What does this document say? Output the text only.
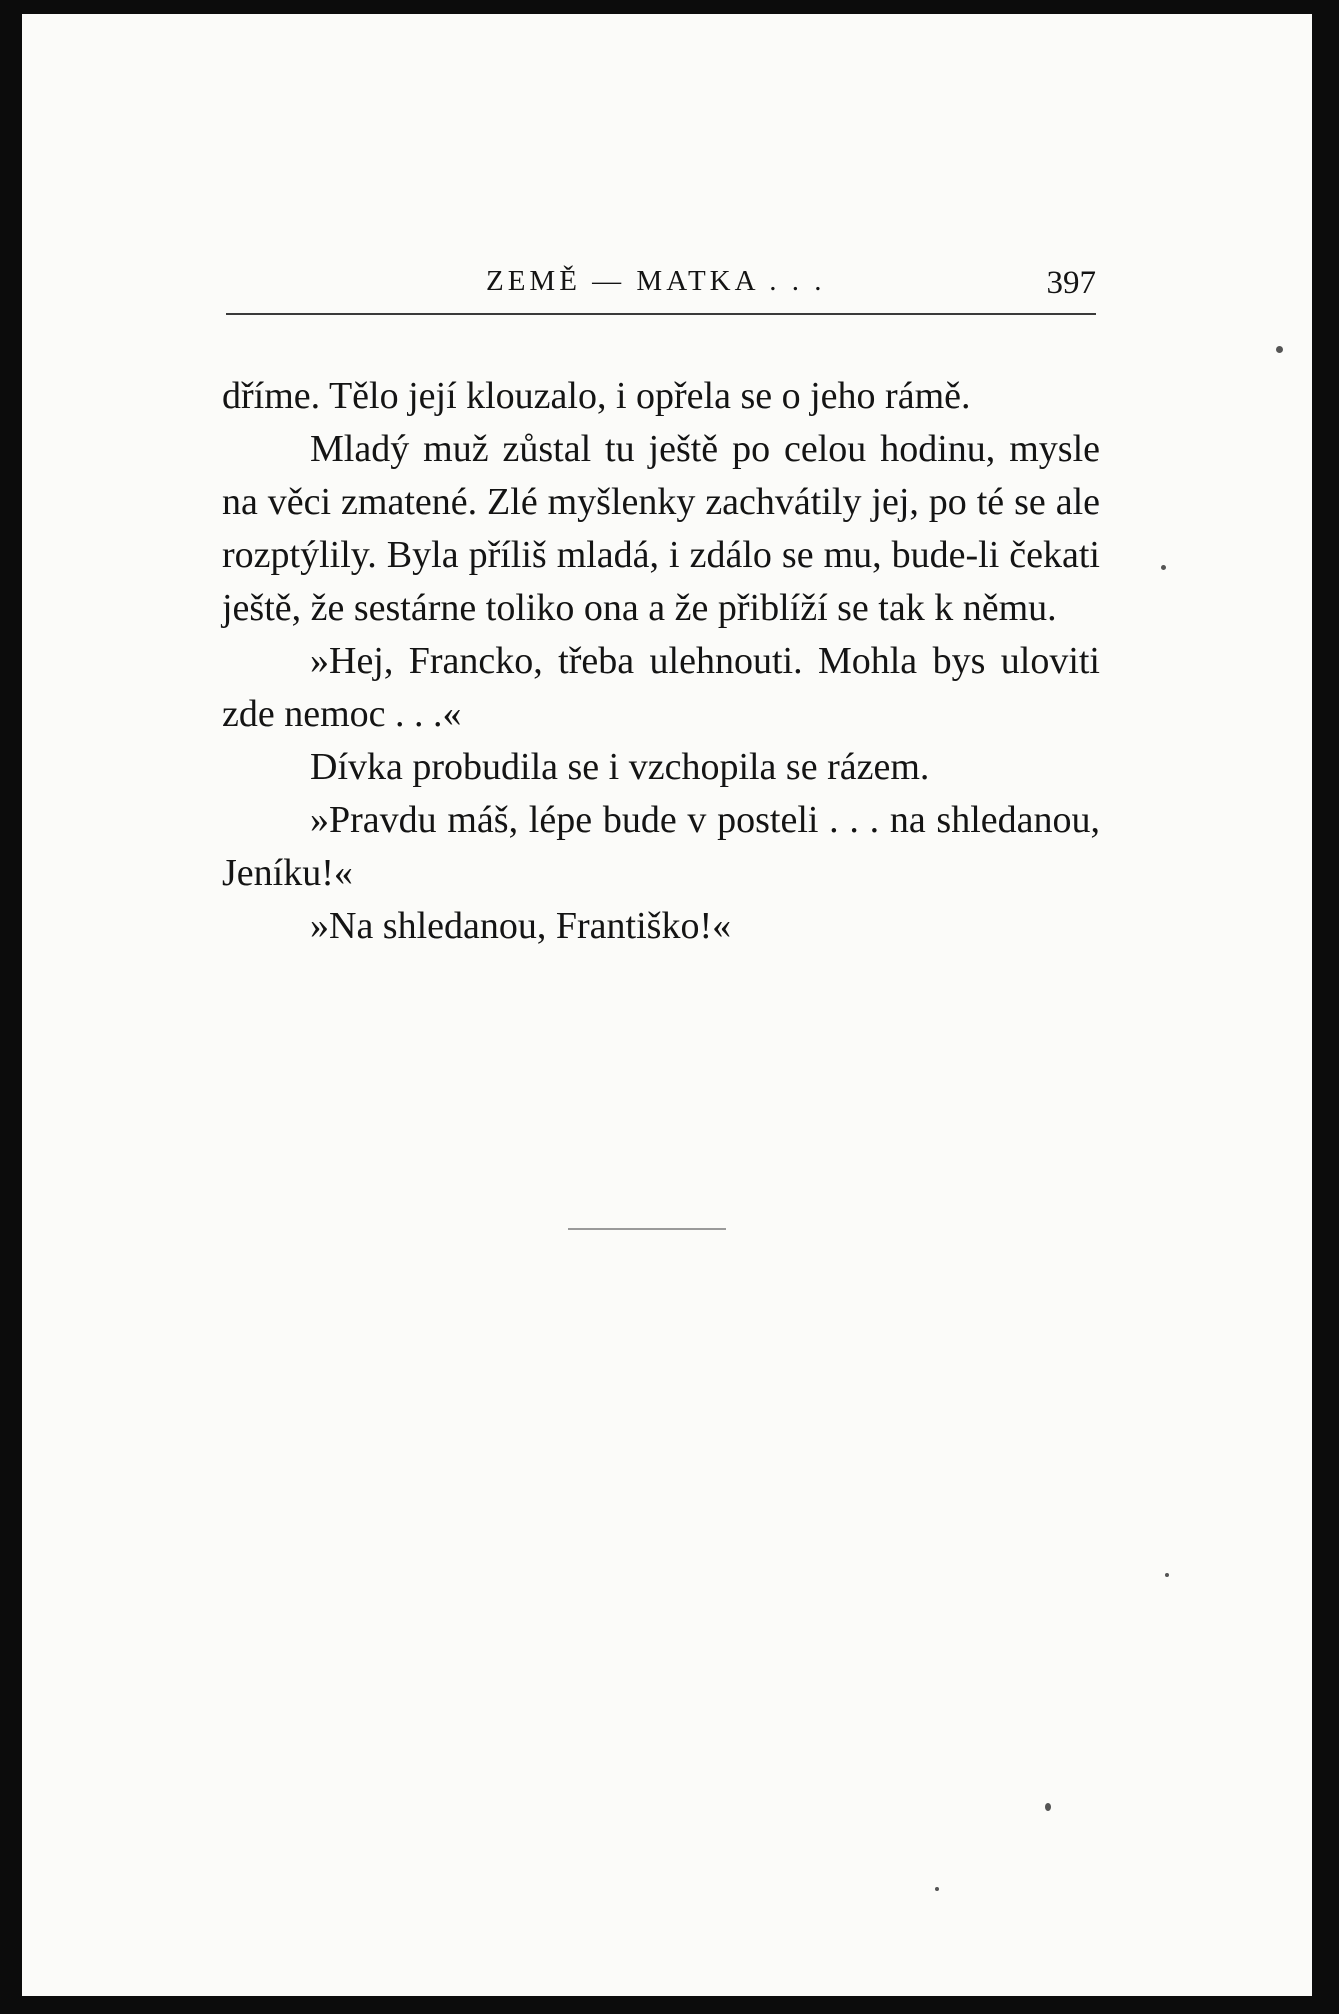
ZEMĚ — MATKA . . .	397

dříme. Tělo její klouzalo, i opřela se o jeho rámě.

Mladý muž zůstal tu ještě po celou hodinu, mysle na věci zmatené. Zlé myšlenky zachvátily jej, po té se ale rozptýlily. Byla příliš mladá, i zdálo se mu, bude-li čekati ještě, že sestárne toliko ona a že přiblíží se tak k němu.

»Hej, Francko, třeba ulehnouti. Mohla bys uloviti zde nemoc . . .«

Dívka probudila se i vzchopila se rázem.

»Pravdu máš, lépe bude v posteli . . . na shledanou, Jeníku!«

»Na shledanou, Františko!«
